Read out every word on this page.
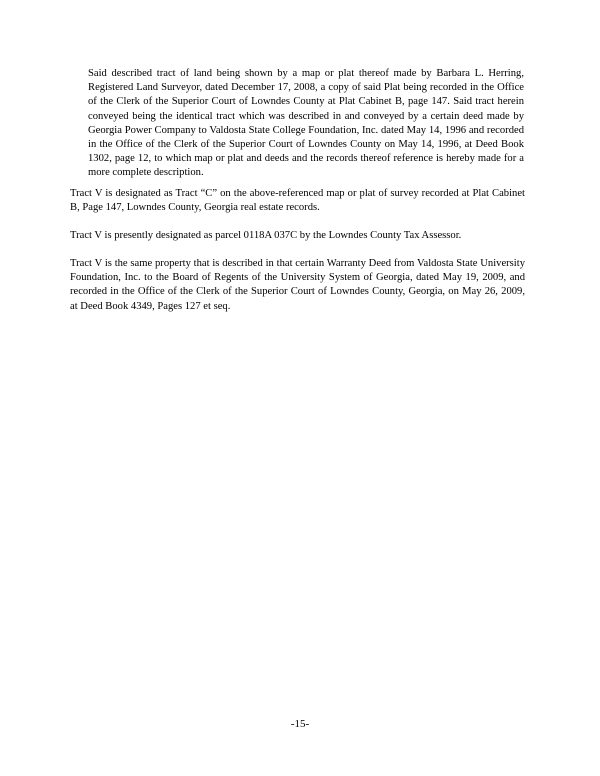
Said described tract of land being shown by a map or plat thereof made by Barbara L. Herring, Registered Land Surveyor, dated December 17, 2008, a copy of said Plat being recorded in the Office of the Clerk of the Superior Court of Lowndes County at Plat Cabinet B, page 147. Said tract herein conveyed being the identical tract which was described in and conveyed by a certain deed made by Georgia Power Company to Valdosta State College Foundation, Inc. dated May 14, 1996 and recorded in the Office of the Clerk of the Superior Court of Lowndes County on May 14, 1996, at Deed Book 1302, page 12, to which map or plat and deeds and the records thereof reference is hereby made for a more complete description.

Tract V is designated as Tract “C” on the above-referenced map or plat of survey recorded at Plat Cabinet B, Page 147, Lowndes County, Georgia real estate records.

Tract V is presently designated as parcel 0118A 037C by the Lowndes County Tax Assessor.

Tract V is the same property that is described in that certain Warranty Deed from Valdosta State University Foundation, Inc. to the Board of Regents of the University System of Georgia, dated May 19, 2009, and recorded in the Office of the Clerk of the Superior Court of Lowndes County, Georgia, on May 26, 2009, at Deed Book 4349, Pages 127 et seq.

-15-
